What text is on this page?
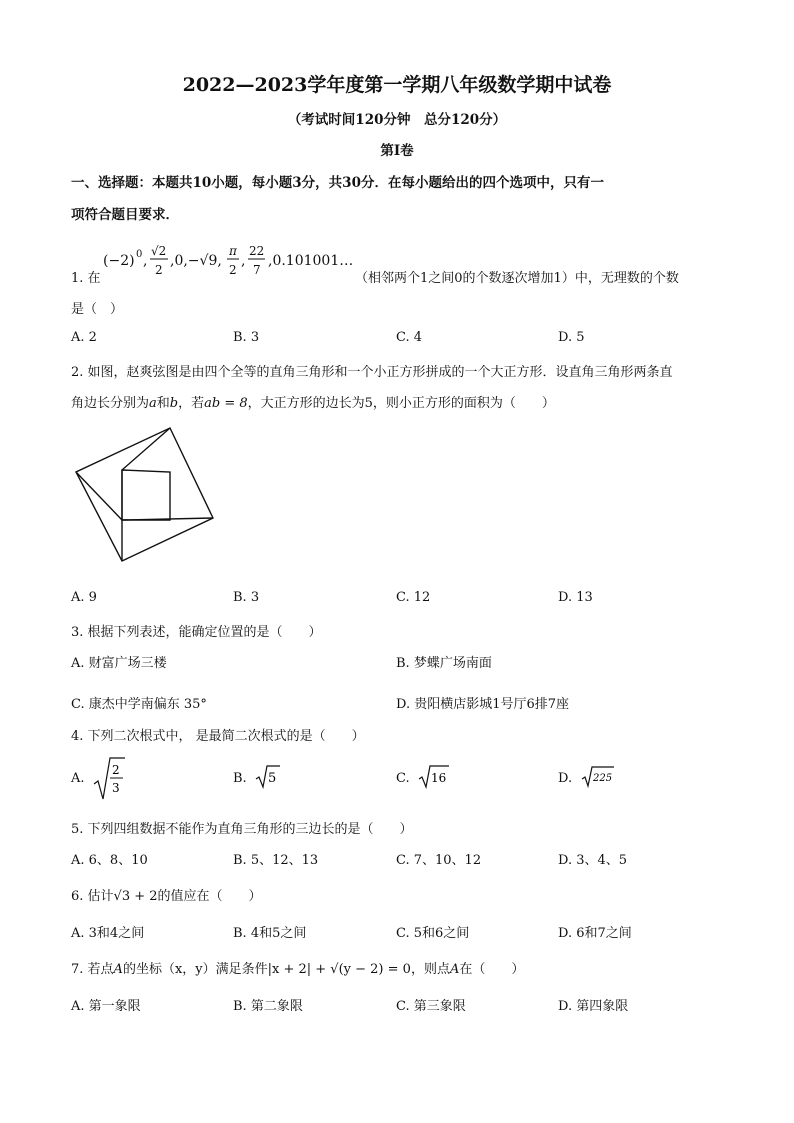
2022—2023学年度第一学期八年级数学期中试卷
（考试时间120分钟　总分120分）
第Ⅰ卷
一、选择题：本题共10小题，每小题3分，共30分．在每小题给出的四个选项中，只有一
项符合题目要求．
(−2) 0 ,
√2
2
,0,−√9,
π
2
,
22
7
,0.101001…
1. 在	（相邻两个1之间0的个数逐次增加1）中，无理数的个数
是（　）
A. 2	B. 3	C. 4	D. 5
2. 如图，赵爽弦图是由四个全等的直角三角形和一个小正方形拼成的一个大正方形．设直角三角形两条直
角边长分别为a和b，若ab = 8，大正方形的边长为5，则小正方形的面积为（　　）
A. 9	B. 3	C. 12	D. 13
3. 根据下列表述，能确定位置的是（　　）
A. 财富广场三楼	B. 梦蝶广场南面
C. 康杰中学南偏东 35°	D. 贵阳横店影城1号厅6排7座
4. 下列二次根式中， 是最简二次根式的是（　　）
A.
2
3
B. 5	C. 16	D. 225
5. 下列四组数据不能作为直角三角形的三边长的是（　　）
A. 6、8、10	B. 5、12、13	C. 7、10、12	D. 3、4、5
6. 估计√3 + 2的值应在（　　）
A. 3和4之间	B. 4和5之间	C. 5和6之间	D. 6和7之间
7. 若点A的坐标（x，y）满足条件|x + 2| + √(y − 2) = 0，则点A在（　　）
A. 第一象限	B. 第二象限	C. 第三象限	D. 第四象限
